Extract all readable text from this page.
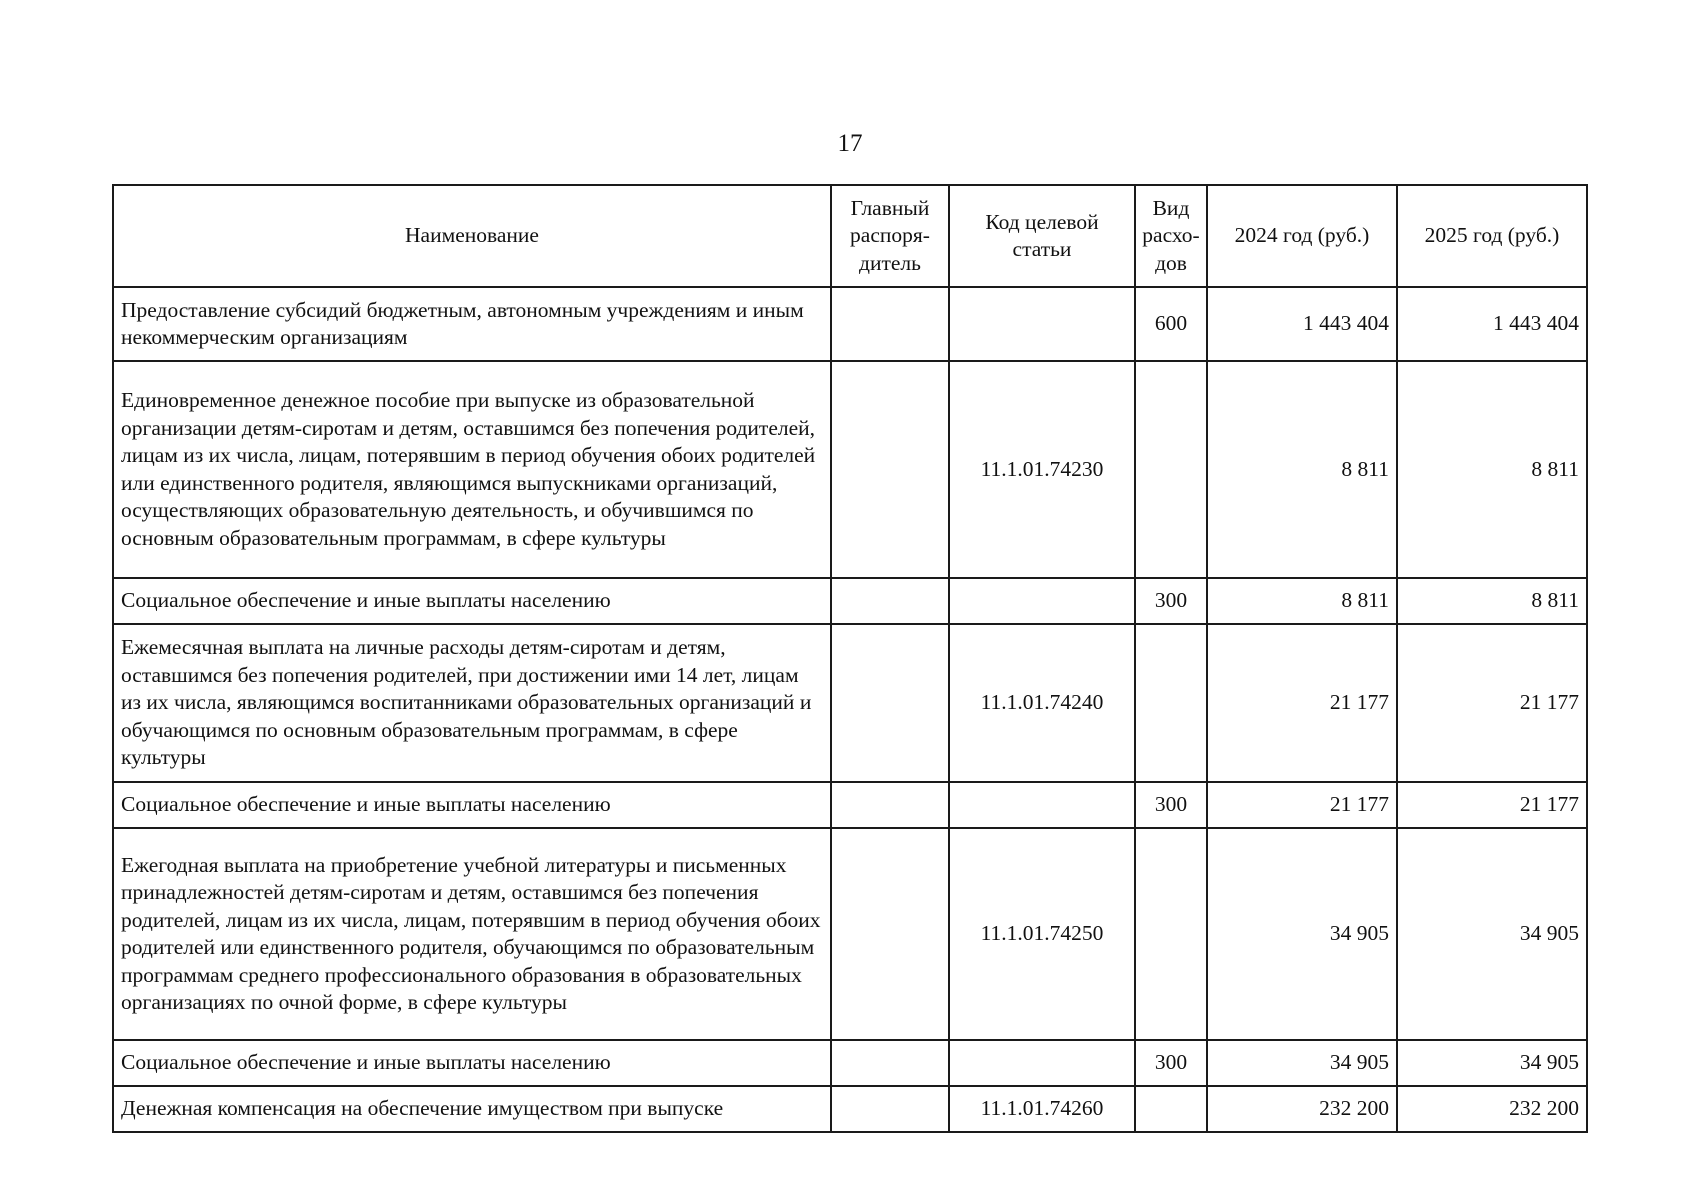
17
Наименование	Главный распоря-дитель	Код целевой статьи	Вид расхо-дов	2024 год (руб.)	2025 год (руб.)
Предоставление субсидий бюджетным, автономным учреждениям и иным некоммерческим организациям			600	1 443 404	1 443 404
Единовременное денежное пособие при выпуске из образовательной организации детям-сиротам и детям, оставшимся без попечения родителей, лицам из их числа, лицам, потерявшим в период обучения обоих родителей или единственного родителя, являющимся выпускниками организаций, осуществляющих образовательную деятельность, и обучившимся по основным образовательным программам, в сфере культуры		11.1.01.74230		8 811	8 811
Социальное обеспечение и иные выплаты населению			300	8 811	8 811
Ежемесячная выплата на личные расходы детям-сиротам и детям, оставшимся без попечения родителей, при достижении ими 14 лет, лицам из их числа, являющимся воспитанниками образовательных организаций и обучающимся по основным образовательным программам, в сфере культуры		11.1.01.74240		21 177	21 177
Социальное обеспечение и иные выплаты населению			300	21 177	21 177
Ежегодная выплата на приобретение учебной литературы и письменных принадлежностей детям-сиротам и детям, оставшимся без попечения родителей, лицам из их числа, лицам, потерявшим в период обучения обоих родителей или единственного родителя, обучающимся по образовательным программам среднего профессионального образования в образовательных организациях по очной форме, в сфере культуры		11.1.01.74250		34 905	34 905
Социальное обеспечение и иные выплаты населению			300	34 905	34 905
Денежная компенсация на обеспечение имуществом при выпуске		11.1.01.74260		232 200	232 200
